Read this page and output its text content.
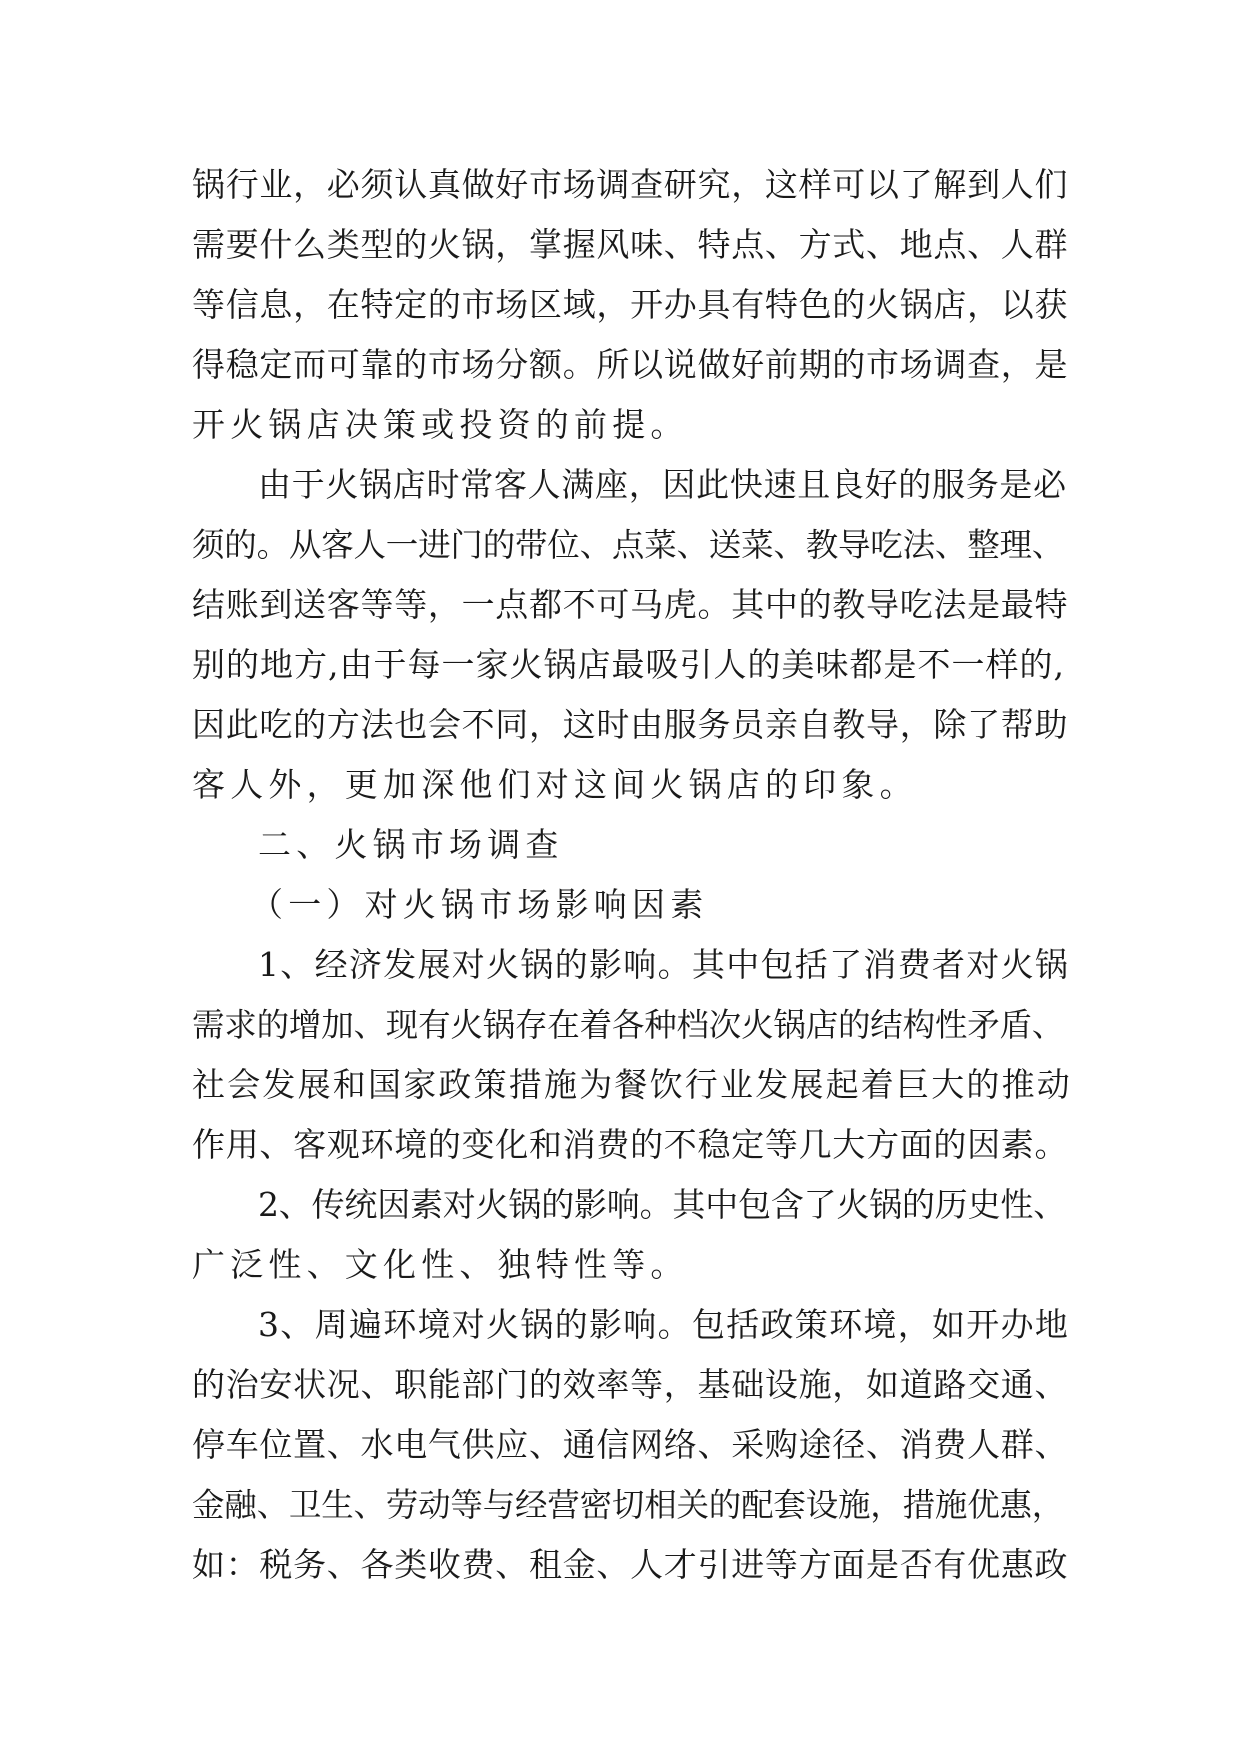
锅行业，必须认真做好市场调查研究，这样可以了解到人们
需要什么类型的火锅，掌握风味、特点、方式、地点、人群
等信息，在特定的市场区域，开办具有特色的火锅店，以获
得稳定而可靠的市场分额。所以说做好前期的市场调查，是
开火锅店决策或投资的前提。
由于火锅店时常客人满座，因此快速且良好的服务是必
须的。从客人一进门的带位、点菜、送菜、教导吃法、整理、
结账到送客等等，一点都不可马虎。其中的教导吃法是最特
别的地方,由于每一家火锅店最吸引人的美味都是不一样的,
因此吃的方法也会不同，这时由服务员亲自教导，除了帮助
客人外，更加深他们对这间火锅店的印象。
二、火锅市场调查
（一）对火锅市场影响因素
1、经济发展对火锅的影响。其中包括了消费者对火锅
需求的增加、现有火锅存在着各种档次火锅店的结构性矛盾、
社会发展和国家政策措施为餐饮行业发展起着巨大的推动
作用、客观环境的变化和消费的不稳定等几大方面的因素。
2、传统因素对火锅的影响。其中包含了火锅的历史性、
广泛性、文化性、独特性等。
3、周遍环境对火锅的影响。包括政策环境，如开办地
的治安状况、职能部门的效率等，基础设施，如道路交通、
停车位置、水电气供应、通信网络、采购途径、消费人群、
金融、卫生、劳动等与经营密切相关的配套设施，措施优惠，
如：税务、各类收费、租金、人才引进等方面是否有优惠政
